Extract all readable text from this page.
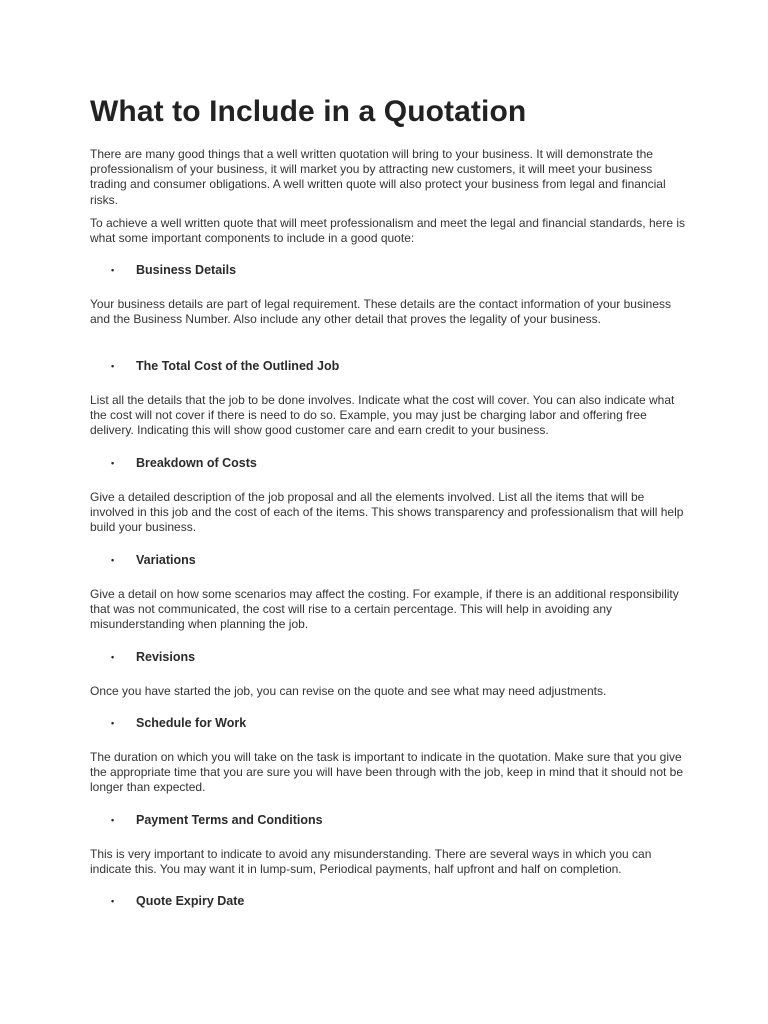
What to Include in a Quotation

There are many good things that a well written quotation will bring to your business. It will demonstrate the professionalism of your business, it will market you by attracting new customers, it will meet your business trading and consumer obligations. A well written quote will also protect your business from legal and financial risks.

To achieve a well written quote that will meet professionalism and meet the legal and financial standards, here is what some important components to include in a good quote:

• Business Details

Your business details are part of legal requirement. These details are the contact information of your business and the Business Number. Also include any other detail that proves the legality of your business.

• The Total Cost of the Outlined Job

List all the details that the job to be done involves. Indicate what the cost will cover. You can also indicate what the cost will not cover if there is need to do so. Example, you may just be charging labor and offering free delivery. Indicating this will show good customer care and earn credit to your business.

• Breakdown of Costs

Give a detailed description of the job proposal and all the elements involved. List all the items that will be involved in this job and the cost of each of the items. This shows transparency and professionalism that will help build your business.

• Variations

Give a detail on how some scenarios may affect the costing. For example, if there is an additional responsibility that was not communicated, the cost will rise to a certain percentage. This will help in avoiding any misunderstanding when planning the job.

• Revisions

Once you have started the job, you can revise on the quote and see what may need adjustments.

• Schedule for Work

The duration on which you will take on the task is important to indicate in the quotation. Make sure that you give the appropriate time that you are sure you will have been through with the job, keep in mind that it should not be longer than expected.

• Payment Terms and Conditions

This is very important to indicate to avoid any misunderstanding. There are several ways in which you can indicate this. You may want it in lump-sum, Periodical payments, half upfront and half on completion.

• Quote Expiry Date
